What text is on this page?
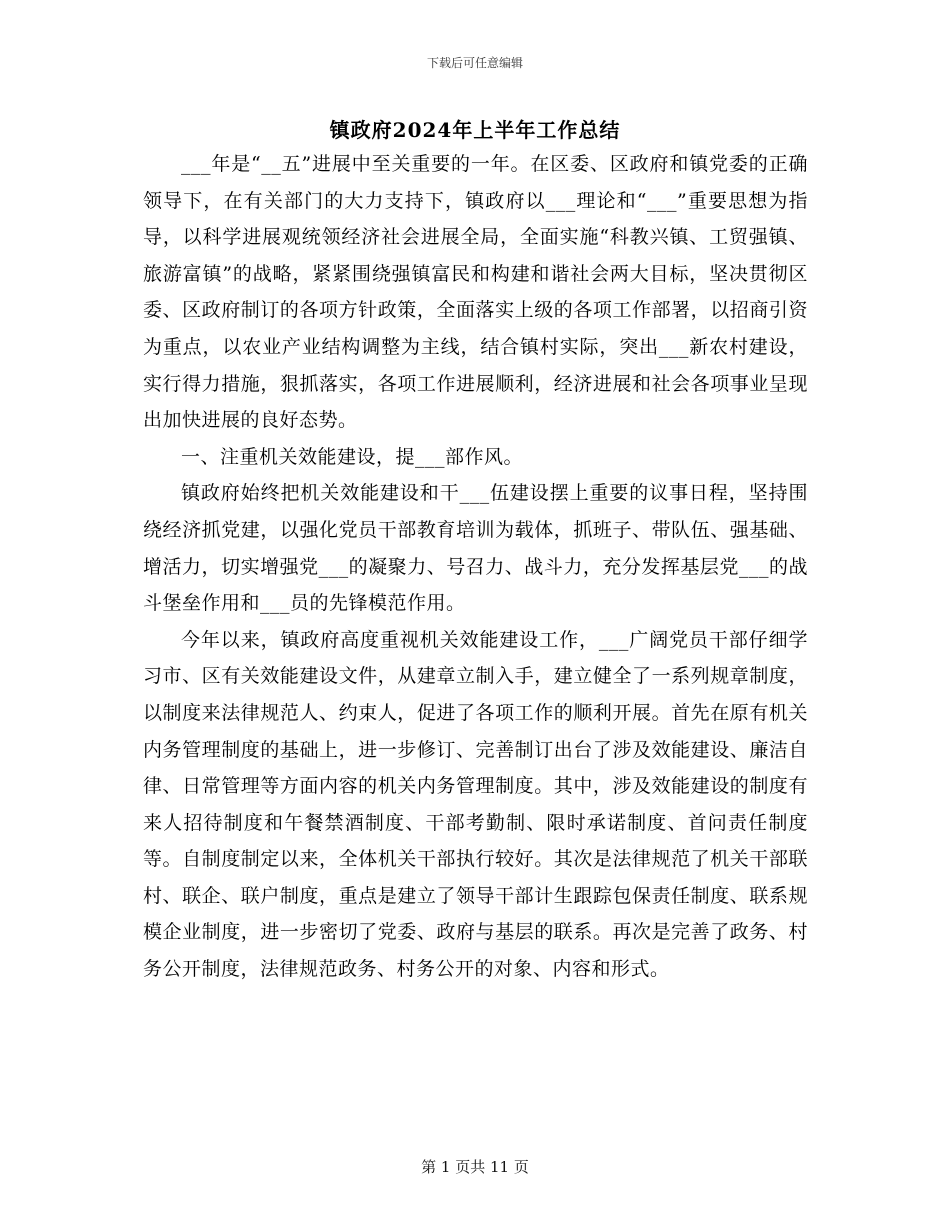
下载后可任意编辑
镇政府2024年上半年工作总结

___年是“__五”进展中至关重要的一年。在区委、区政府和镇党委的正确领导下，在有关部门的大力支持下，镇政府以___理论和“___”重要思想为指导，以科学进展观统领经济社会进展全局，全面实施“科教兴镇、工贸强镇、旅游富镇”的战略，紧紧围绕强镇富民和构建和谐社会两大目标，坚决贯彻区委、区政府制订的各项方针政策，全面落实上级的各项工作部署，以招商引资为重点，以农业产业结构调整为主线，结合镇村实际，突出___新农村建设，实行得力措施，狠抓落实，各项工作进展顺利，经济进展和社会各项事业呈现出加快进展的良好态势。

一、注重机关效能建设，提___部作风。

镇政府始终把机关效能建设和干___伍建设摆上重要的议事日程，坚持围绕经济抓党建，以强化党员干部教育培训为载体，抓班子、带队伍、强基础、增活力，切实增强党___的凝聚力、号召力、战斗力，充分发挥基层党___的战斗堡垒作用和___员的先锋模范作用。

今年以来，镇政府高度重视机关效能建设工作，___广阔党员干部仔细学习市、区有关效能建设文件，从建章立制入手，建立健全了一系列规章制度，以制度来法律规范人、约束人，促进了各项工作的顺利开展。首先在原有机关内务管理制度的基础上，进一步修订、完善制订出台了涉及效能建设、廉洁自律、日常管理等方面内容的机关内务管理制度。其中，涉及效能建设的制度有来人招待制度和午餐禁酒制度、干部考勤制、限时承诺制度、首问责任制度等。自制度制定以来，全体机关干部执行较好。其次是法律规范了机关干部联村、联企、联户制度，重点是建立了领导干部计生跟踪包保责任制度、联系规模企业制度，进一步密切了党委、政府与基层的联系。再次是完善了政务、村务公开制度，法律规范政务、村务公开的对象、内容和形式。

第 1 页共 11 页
